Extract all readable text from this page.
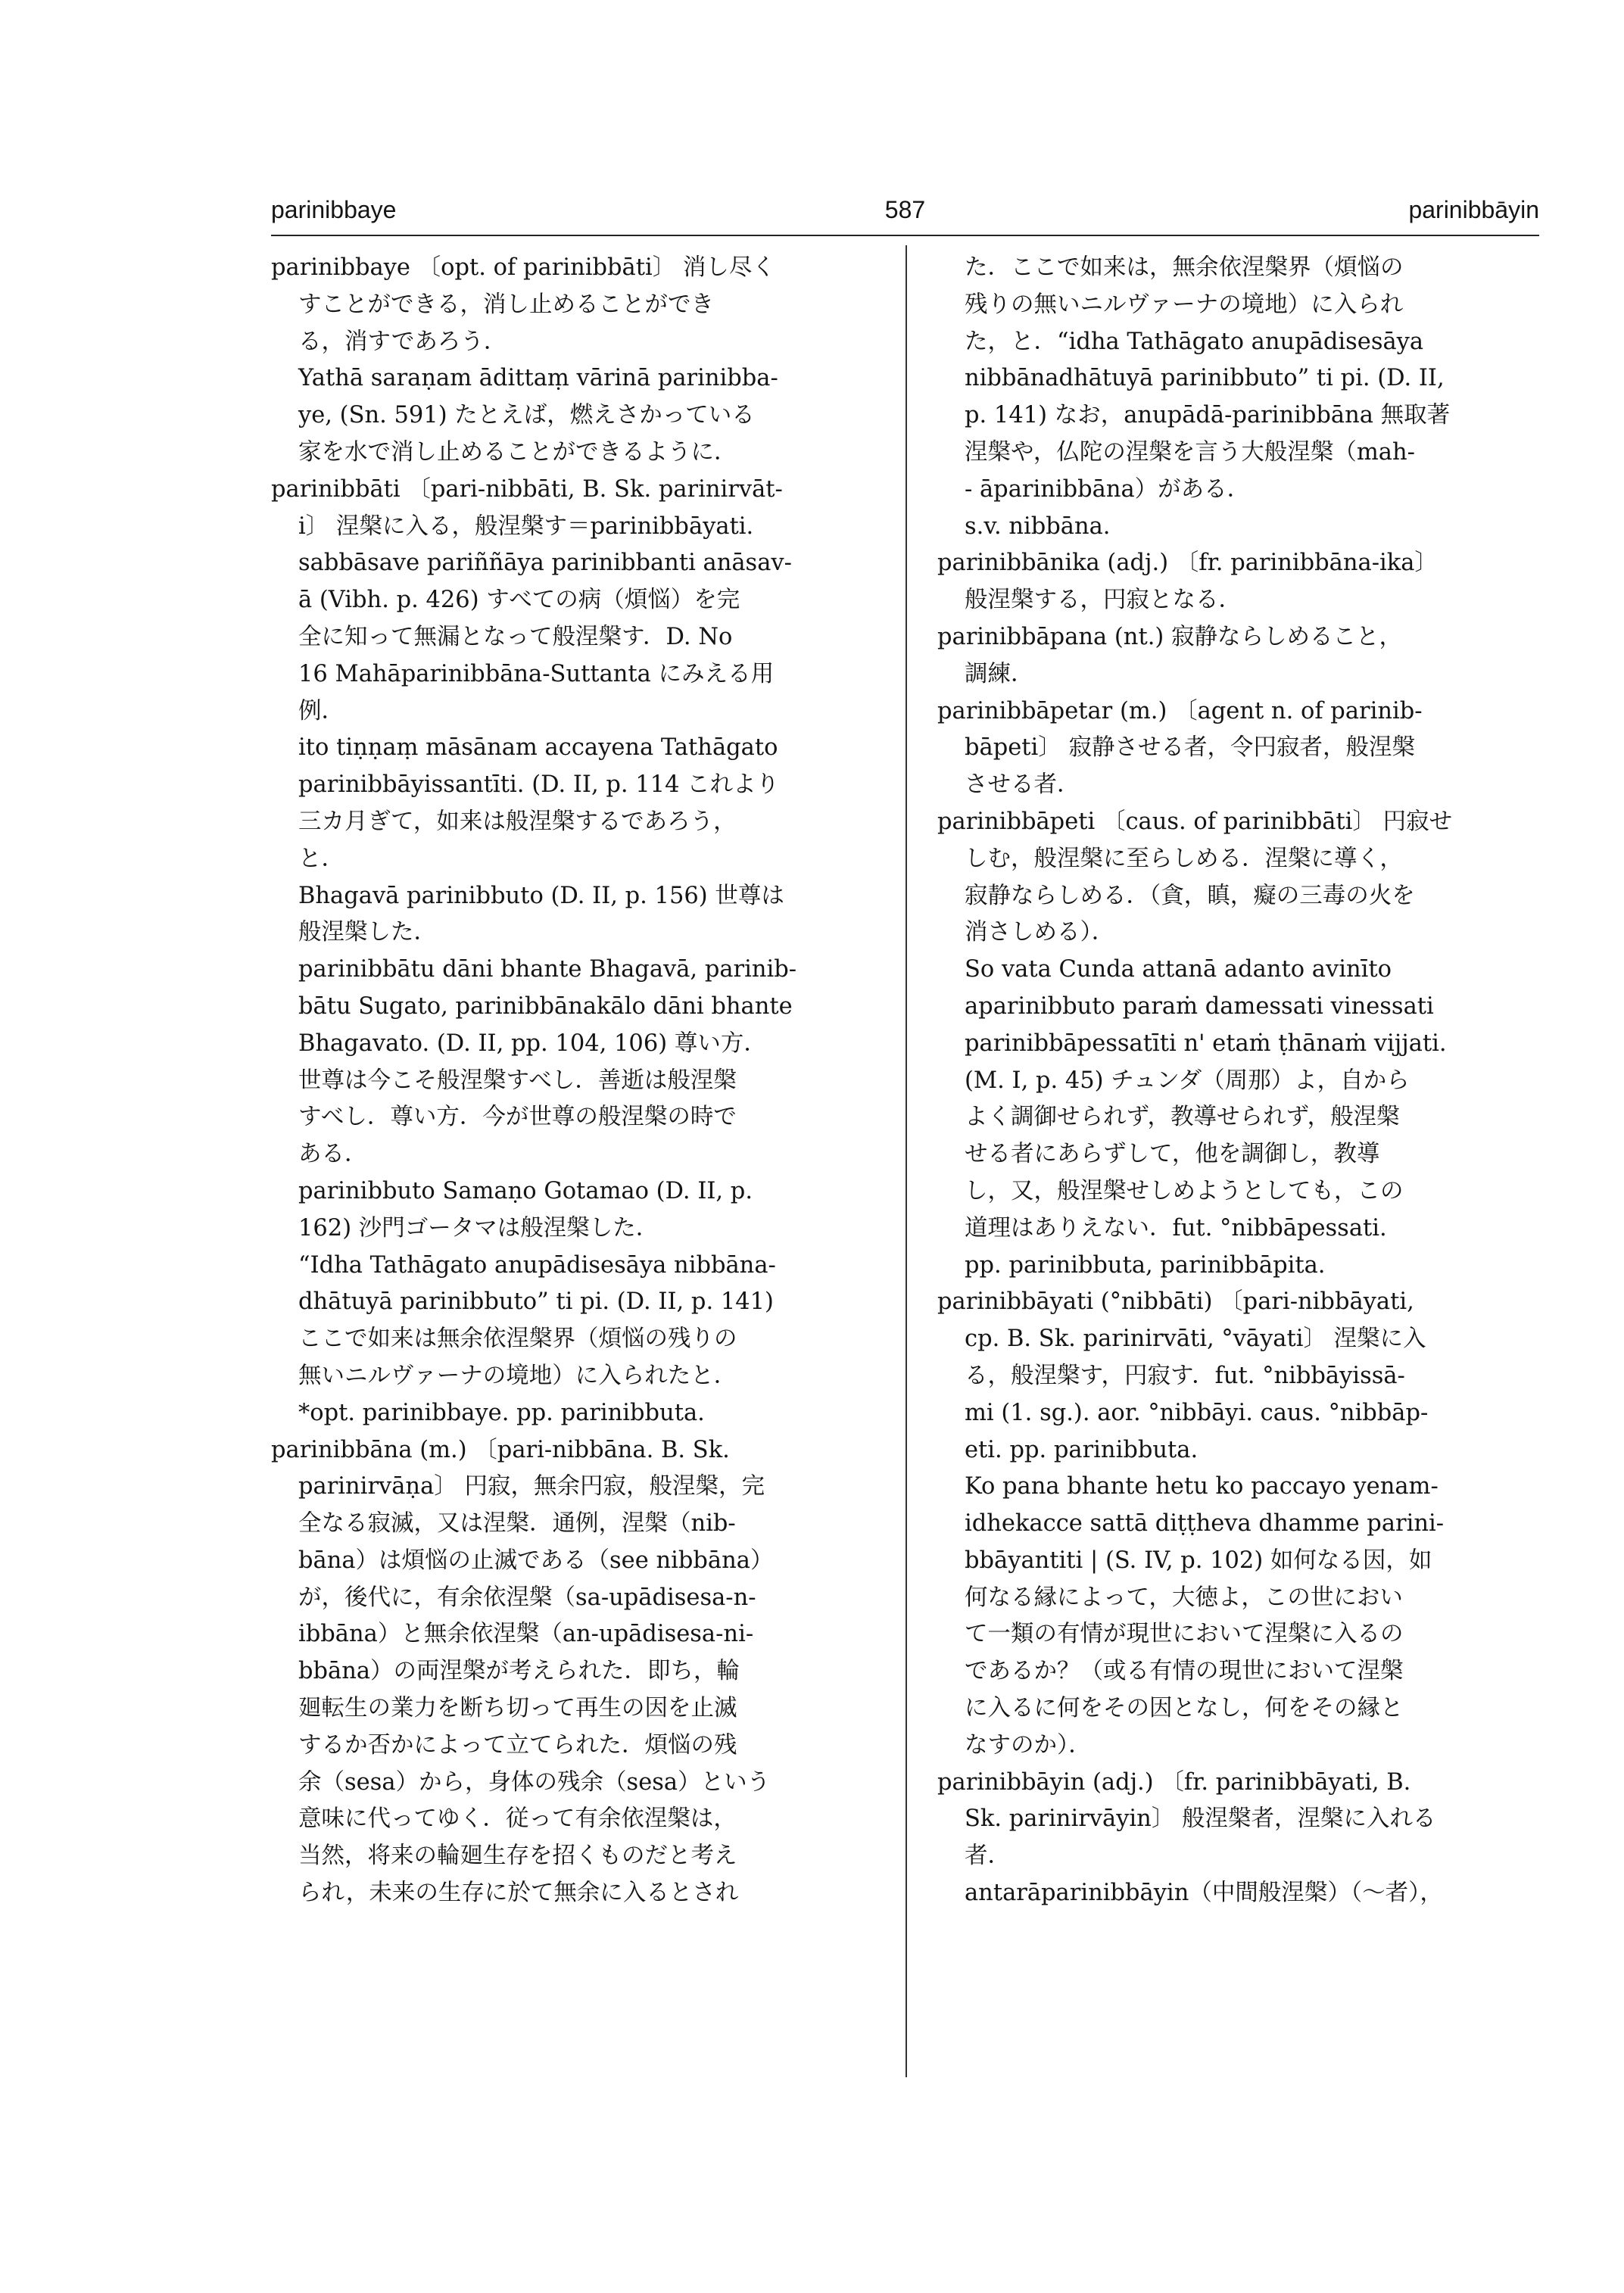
parinibbaye	587	parinibbāyin
parinibbaye 〔opt. of parinibbāti〕 消し尽く
すことができる，消し止めることができ
る，消すであろう．
Yathā saraṇam ādittaṃ vārinā parinibba-
ye, (Sn. 591) たとえば，燃えさかっている
家を水で消し止めることができるように．
parinibbāti 〔pari-nibbāti, B. Sk. parinirvāt-
i〕 涅槃に入る，般涅槃す＝parinibbāyati.
sabbāsave pariññāya parinibbanti anāsav-
ā (Vibh. p. 426) すべての病（煩悩）を完
全に知って無漏となって般涅槃す．D. No
16 Mahāparinibbāna-Suttanta にみえる用
例．
ito tiṇṇaṃ māsānam accayena Tathāgato
parinibbāyissantīti. (D. II, p. 114 これより
三カ月ぎて，如来は般涅槃するであろう，
と．
Bhagavā parinibbuto (D. II, p. 156) 世尊は
般涅槃した．
parinibbātu dāni bhante Bhagavā, parinib-
bātu Sugato, parinibbānakālo dāni bhante
Bhagavato. (D. II, pp. 104, 106) 尊い方．
世尊は今こそ般涅槃すべし．善逝は般涅槃
すべし．尊い方．今が世尊の般涅槃の時で
ある．
parinibbuto Samaṇo Gotamao (D. II, p.
162) 沙門ゴータマは般涅槃した．
“Idha Tathāgato anupādisesāya nibbāna-
dhātuyā parinibbuto” ti pi. (D. II, p. 141)
ここで如来は無余依涅槃界（煩悩の残りの
無いニルヴァーナの境地）に入られたと．
*opt. parinibbaye. pp. parinibbuta.
parinibbāna (m.) 〔pari-nibbāna. B. Sk.
parinirvāṇa〕 円寂，無余円寂，般涅槃，完
全なる寂滅，又は涅槃．通例，涅槃（nib-
bāna）は煩悩の止滅である（see nibbāna）
が，後代に，有余依涅槃（sa-upādisesa-n-
ibbāna）と無余依涅槃（an-upādisesa-ni-
bbāna）の両涅槃が考えられた．即ち，輪
廻転生の業力を断ち切って再生の因を止滅
するか否かによって立てられた．煩悩の残
余（sesa）から，身体の残余（sesa）という
意味に代ってゆく．従って有余依涅槃は，
当然，将来の輪廻生存を招くものだと考え
られ，未来の生存に於て無余に入るとされ
た．ここで如来は，無余依涅槃界（煩悩の
残りの無いニルヴァーナの境地）に入られ
た，と．“idha Tathāgato anupādisesāya
nibbānadhātuyā parinibbuto” ti pi. (D. II,
p. 141) なお，anupādā-parinibbāna 無取著
涅槃や，仏陀の涅槃を言う大般涅槃（mah-
- āparinibbāna）がある．
s.v. nibbāna.
parinibbānika (adj.) 〔fr. parinibbāna-ika〕
般涅槃する，円寂となる．
parinibbāpana (nt.) 寂静ならしめること，
調練．
parinibbāpetar (m.) 〔agent n. of parinib-
bāpeti〕 寂静させる者，令円寂者，般涅槃
させる者．
parinibbāpeti 〔caus. of parinibbāti〕 円寂せ
しむ，般涅槃に至らしめる．涅槃に導く，
寂静ならしめる．（貪，瞋，癡の三毒の火を
消さしめる）．
So vata Cunda attanā adanto avinīto
aparinibbuto paraṁ damessati vinessati
parinibbāpessatīti n' etaṁ ṭhānaṁ vijjati.
(M. I, p. 45) チュンダ（周那）よ，自から
よく調御せられず，教導せられず，般涅槃
せる者にあらずして，他を調御し，教導
し，又，般涅槃せしめようとしても，この
道理はありえない．fut. °nibbāpessati.
pp. parinibbuta, parinibbāpita.
parinibbāyati (°nibbāti) 〔pari-nibbāyati,
cp. B. Sk. parinirvāti, °vāyati〕 涅槃に入
る，般涅槃す，円寂す．fut. °nibbāyissā-
mi (1. sg.). aor. °nibbāyi. caus. °nibbāp-
eti. pp. parinibbuta.
Ko pana bhante hetu ko paccayo yenam-
idhekacce sattā diṭṭheva dhamme parini-
bbāyantiti | (S. IV, p. 102) 如何なる因，如
何なる縁によって，大徳よ，この世におい
て一類の有情が現世において涅槃に入るの
であるか？（或る有情の現世において涅槃
に入るに何をその因となし，何をその縁と
なすのか）．
parinibbāyin (adj.) 〔fr. parinibbāyati, B.
Sk. parinirvāyin〕 般涅槃者，涅槃に入れる
者．
antarāparinibbāyin（中間般涅槃）（〜者），
